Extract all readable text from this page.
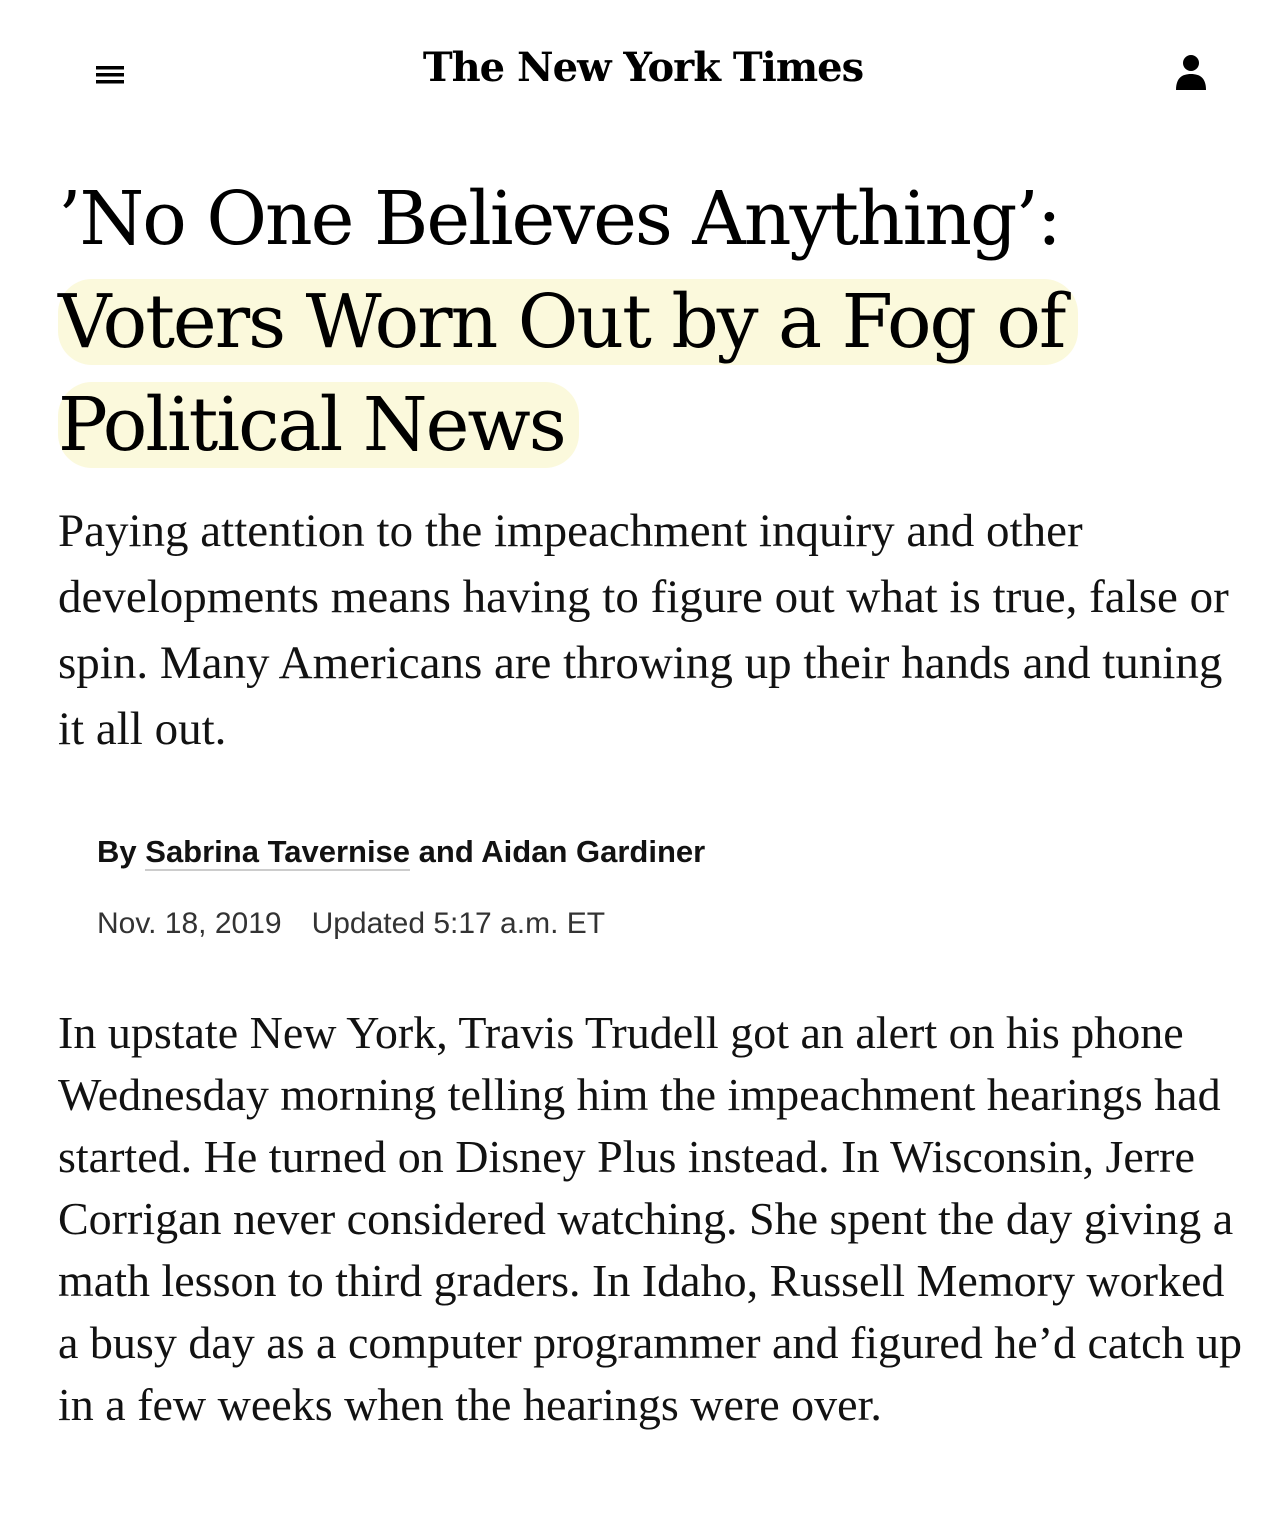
The New York Times
’No One Believes Anything’:
Voters Worn Out by a Fog of
Political News

Paying attention to the impeachment inquiry and other developments means having to figure out what is true, false or spin. Many Americans are throwing up their hands and tuning it all out.

By Sabrina Tavernise and Aidan Gardiner

Nov. 18, 2019 Updated 5:17 a.m. ET

In upstate New York, Travis Trudell got an alert on his phone Wednesday morning telling him the impeachment hearings had started. He turned on Disney Plus instead. In Wisconsin, Jerre Corrigan never considered watching. She spent the day giving a math lesson to third graders. In Idaho, Russell Memory worked a busy day as a computer programmer and figured he’d catch up in a few weeks when the hearings were over.
